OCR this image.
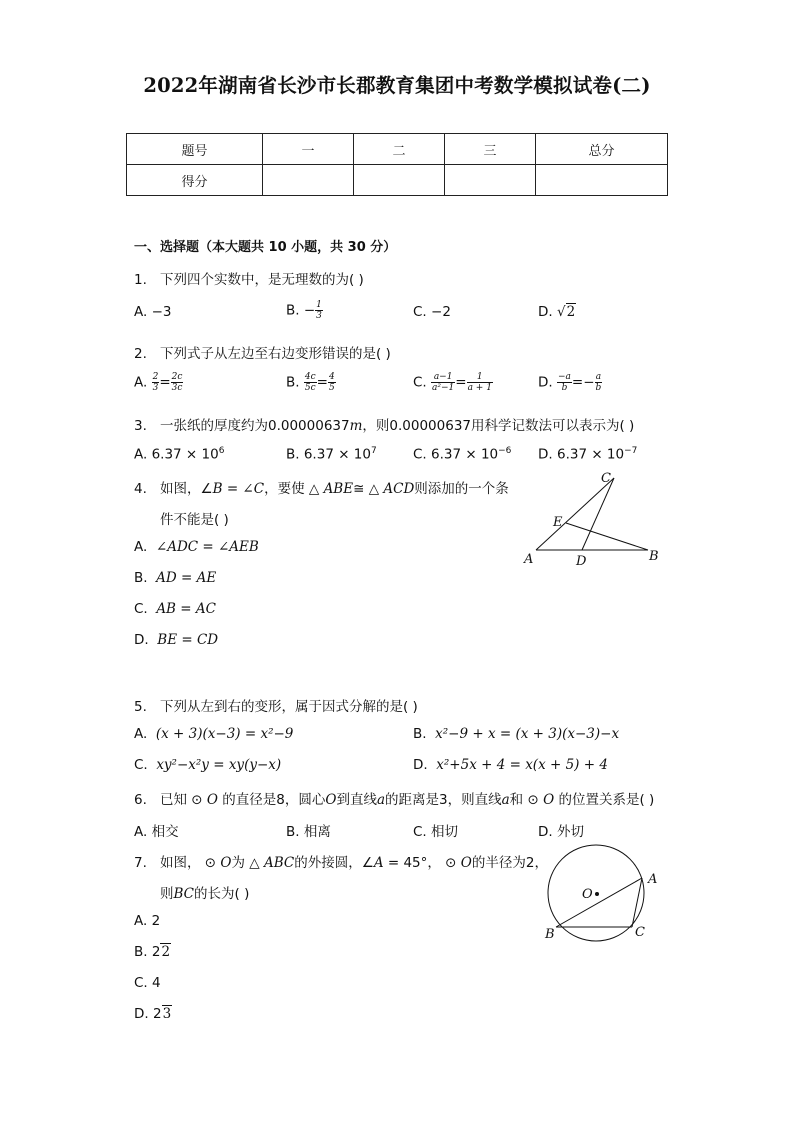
2022年湖南省长沙市长郡教育集团中考数学模拟试卷(二)
题号	一	二	三	总分
得分				
一、选择题（本大题共 10 小题，共 30 分）
1. 下列四个实数中，是无理数的为( )
A. −3	B. − $\frac{1}{3}$	C. −2	D. √2
2. 下列式子从左边至右边变形错误的是( )
A. $\frac{2}{3} = \frac{2c}{3c}$	B. $\frac{4c}{5c} = \frac{4}{5}$	C. $\frac{a-1}{\text{a²−1}} = \frac{1}{a + 1}$	D. $\frac{-a}{b} =- \frac{a}{b}$
3. 一张纸的厚度约为0.00000637m，则0.00000637用科学记数法可以表示为( )
A. $6.37 \times 10^6$	B. $6.37 \times 10^7$	C. $6.37 \times 10^{-6}$ D. $6.37 \times 10^{-7}$
4. 如图，∠B = ∠C，要使 △ ABE≅ △ ACD则添加的一个条
件不能是( )
A. ∠ADC = ∠AEB
B. AD = AE
C. AB = AC
D. BE = CD
A	B
C
D
E
5. 下列从左到右的变形，属于因式分解的是( )
A. (x + 3)(x−3) = x²−9	B. x²−9 + x = (x + 3)(x−3)−x
C. xy²−x²y = xy(y−x)	D. x²+5x + 4 = x(x + 5) + 4
6. 已知 ⊙ O 的直径是8，圆心O到直线a的距离是3，则直线a和 ⊙ O 的位置关系是( )
A. 相交	B. 相离	C. 相切	D. 外切
7. 如图， ⊙ O为 △ ABC的外接圆，∠A = 45°， ⊙ O的半径为2，
则BC的长为( )
A. 2
B. 22
C. 4
D. 23
O
A
B	C
